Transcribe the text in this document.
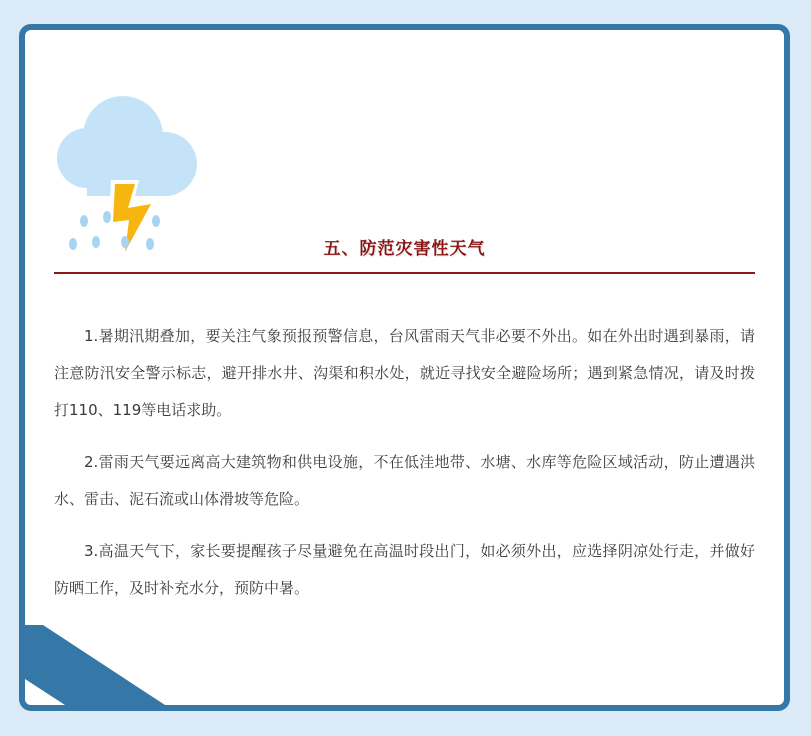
五、防范灾害性天气

1.暑期汛期叠加，要关注气象预报预警信息，台风雷雨天气非必要不外出。如在外出时遇到暴雨，请注意防汛安全警示标志，避开排水井、沟渠和积水处，就近寻找安全避险场所；遇到紧急情况，请及时拨打110、119等电话求助。

2.雷雨天气要远离高大建筑物和供电设施，不在低洼地带、水塘、水库等危险区域活动，防止遭遇洪水、雷击、泥石流或山体滑坡等危险。

3.高温天气下，家长要提醒孩子尽量避免在高温时段出门，如必须外出，应选择阴凉处行走，并做好防晒工作，及时补充水分，预防中暑。
